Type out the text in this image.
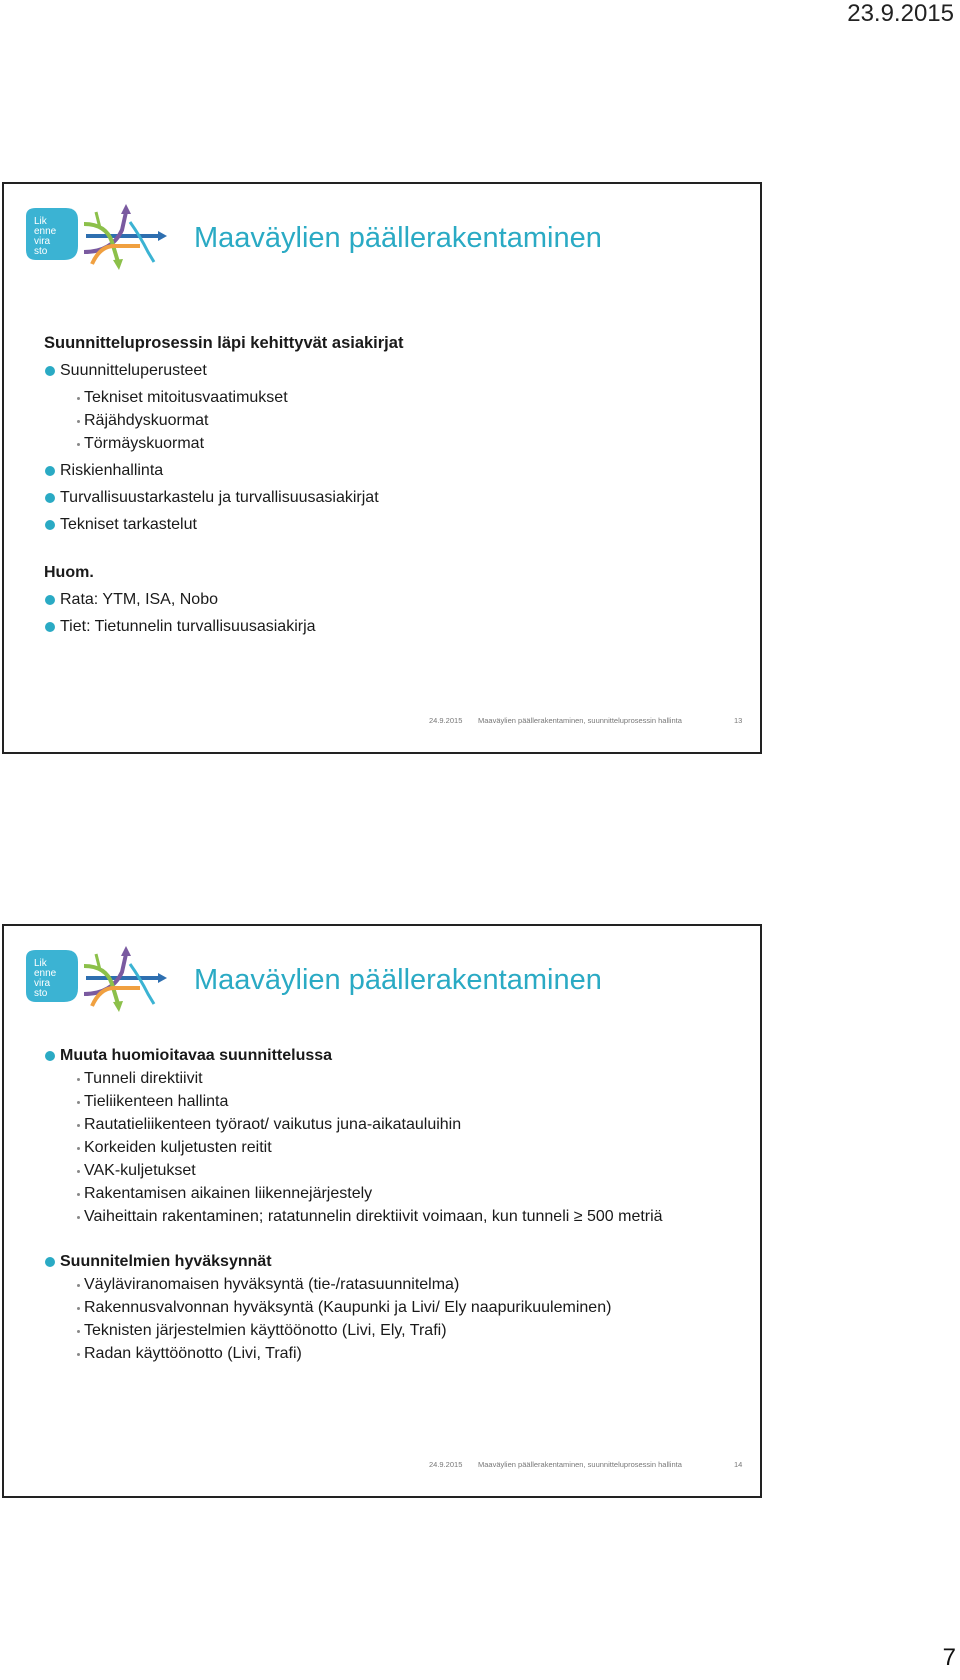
23.9.2015
Lik
enne
vira
sto	Maaväylien päällerakentaminen
Suunnitteluprosessin läpi kehittyvät asiakirjat
Suunnitteluperusteet
Tekniset mitoitusvaatimukset
Räjähdyskuormat
Törmäyskuormat
Riskienhallinta
Turvallisuustarkastelu ja turvallisuusasiakirjat
Tekniset tarkastelut
Huom.
Rata: YTM, ISA, Nobo
Tiet: Tietunnelin turvallisuusasiakirja
24.9.2015 Maaväylien päällerakentaminen, suunnitteluprosessin hallinta	13
Lik
enne
vira
sto	Maaväylien päällerakentaminen
Muuta huomioitavaa suunnittelussa
Tunneli direktiivit
Tieliikenteen hallinta
Rautatieliikenteen työraot/ vaikutus juna-aikatauluihin
Korkeiden kuljetusten reitit
VAK-kuljetukset
Rakentamisen aikainen liikennejärjestely
Vaiheittain rakentaminen; ratatunnelin direktiivit voimaan, kun tunneli ≥ 500 metriä
Suunnitelmien hyväksynnät
Väyläviranomaisen hyväksyntä (tie-/ratasuunnitelma)
Rakennusvalvonnan hyväksyntä (Kaupunki ja Livi/ Ely naapurikuuleminen)
Teknisten järjestelmien käyttöönotto (Livi, Ely, Trafi)
Radan käyttöönotto (Livi, Trafi)
24.9.2015 Maaväylien päällerakentaminen, suunnitteluprosessin hallinta	14
7
